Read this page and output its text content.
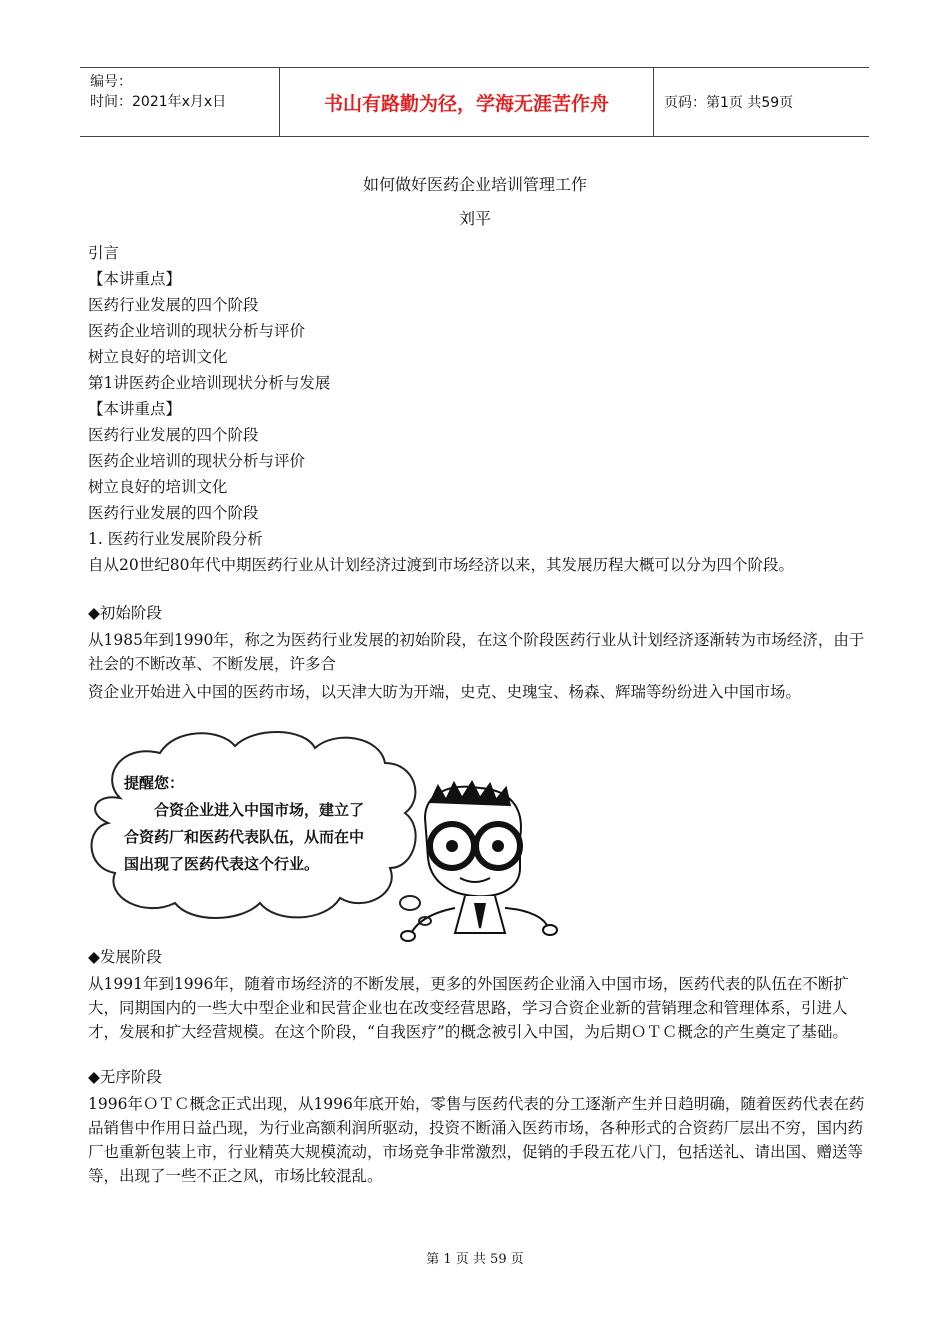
编号：
时间：2021年x月x日	书山有路勤为径，学海无涯苦作舟	页码：第1页 共59页
如何做好医药企业培训管理工作
刘平

引言

【本讲重点】

医药行业发展的四个阶段

医药企业培训的现状分析与评价

树立良好的培训文化

第1讲医药企业培训现状分析与发展

【本讲重点】

医药行业发展的四个阶段

医药企业培训的现状分析与评价

树立良好的培训文化

医药行业发展的四个阶段

1. 医药行业发展阶段分析

自从20世纪80年代中期医药行业从计划经济过渡到市场经济以来，其发展历程大概可以分为四个阶段。
◆初始阶段
从1985年到1990年，称之为医药行业发展的初始阶段，在这个阶段医药行业从计划经济逐渐转为市场经济，由于社会的不断改革、不断发展，许多合
资企业开始进入中国的医药市场，以天津大昉为开端，史克、史瑰宝、杨森、辉瑞等纷纷进入中国市场。
提醒您：
合资企业进入中国市场，建立了合资药厂和医药代表队伍，从而在中国出现了医药代表这个行业。
◆发展阶段
从1991年到1996年，随着市场经济的不断发展，更多的外国医药企业涌入中国市场，医药代表的队伍在不断扩大，同期国内的一些大中型企业和民营企业也在改变经营思路，学习合资企业新的营销理念和管理体系，引进人才，发展和扩大经营规模。在这个阶段，“自我医疗”的概念被引入中国，为后期ＯＴＣ概念的产生奠定了基础。
◆无序阶段
1996年ＯＴＣ概念正式出现，从1996年底开始，零售与医药代表的分工逐渐产生并日趋明确，随着医药代表在药品销售中作用日益凸现，为行业高额利润所驱动，投资不断涌入医药市场，各种形式的合资药厂层出不穷，国内药厂也重新包装上市，行业精英大规模流动，市场竞争非常激烈，促销的手段五花八门，包括送礼、请出国、赠送等等，出现了一些不正之风，市场比较混乱。
第 1 页 共 59 页
